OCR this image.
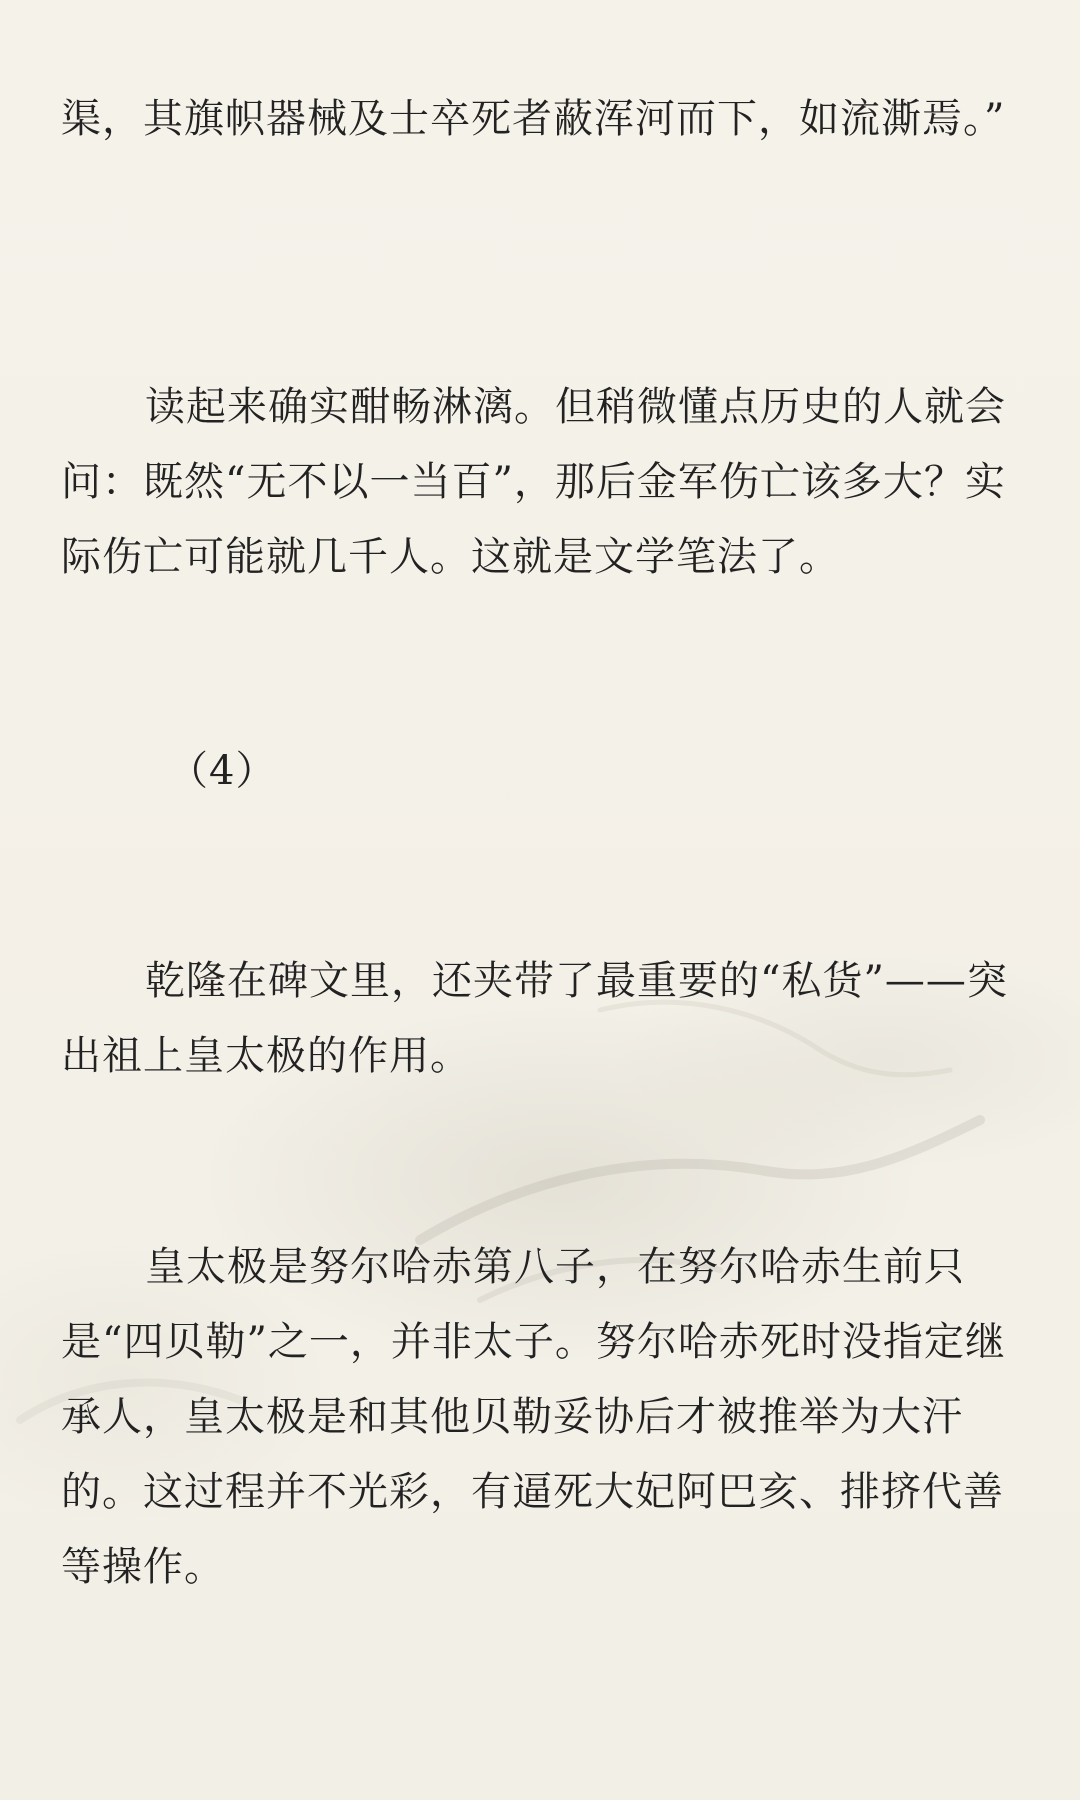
渠，其旗帜器械及士卒死者蔽浑河而下，如流澌焉。”

读起来确实酣畅淋漓。但稍微懂点历史的人就会问：既然“无不以一当百”，那后金军伤亡该多大？实际伤亡可能就几千人。这就是文学笔法了。

（4）

乾隆在碑文里，还夹带了最重要的“私货”——突出祖上皇太极的作用。

皇太极是努尔哈赤第八子，在努尔哈赤生前只是“四贝勒”之一，并非太子。努尔哈赤死时没指定继承人，皇太极是和其他贝勒妥协后才被推举为大汗的。这过程并不光彩，有逼死大妃阿巴亥、排挤代善等操作。
